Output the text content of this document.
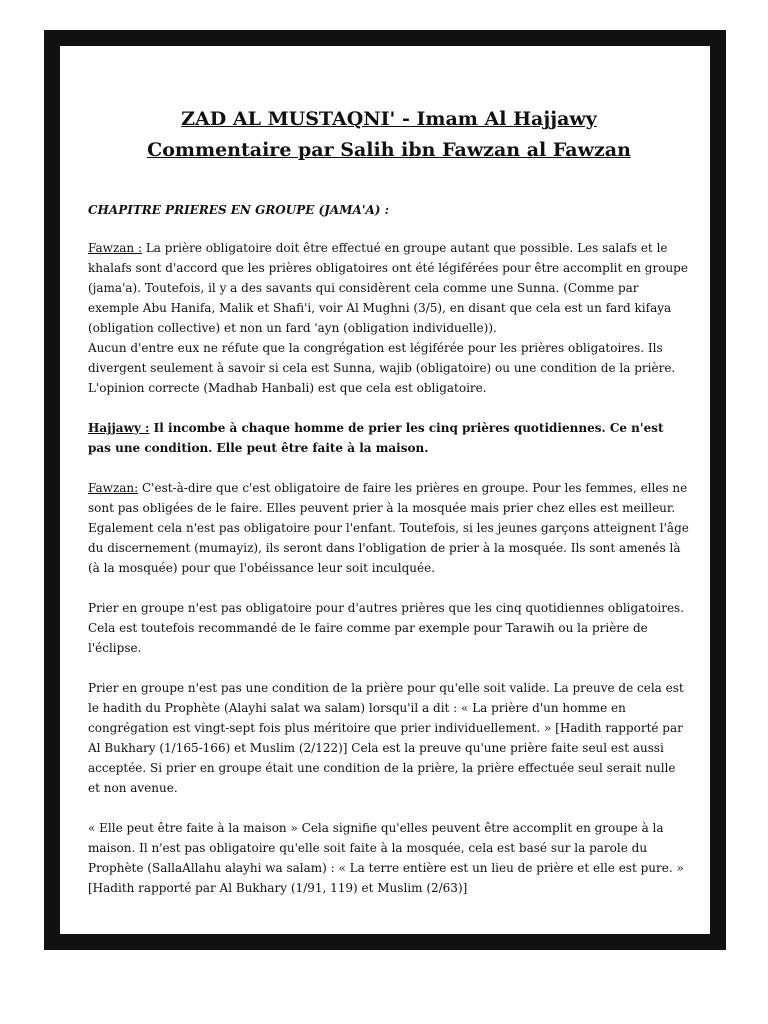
ZAD AL MUSTAQNI' - Imam Al Hajjawy
Commentaire par Salih ibn Fawzan al Fawzan

CHAPITRE PRIERES EN GROUPE (JAMA'A) :

Fawzan : La prière obligatoire doit être effectué en groupe autant que possible. Les salafs et le khalafs sont d'accord que les prières obligatoires ont été légiférées pour être accomplit en groupe (jama'a). Toutefois, il y a des savants qui considèrent cela comme une Sunna. (Comme par exemple Abu Hanifa, Malik et Shafi'i, voir Al Mughni (3/5), en disant que cela est un fard kifaya (obligation collective) et non un fard 'ayn (obligation individuelle)).
Aucun d'entre eux ne réfute que la congrégation est légiférée pour les prières obligatoires. Ils divergent seulement à savoir si cela est Sunna, wajib (obligatoire) ou une condition de la prière. L'opinion correcte (Madhab Hanbali) est que cela est obligatoire.

Hajjawy : Il incombe à chaque homme de prier les cinq prières quotidiennes. Ce n'est pas une condition. Elle peut être faite à la maison.

Fawzan: C'est-à-dire que c'est obligatoire de faire les prières en groupe. Pour les femmes, elles ne sont pas obligées de le faire. Elles peuvent prier à la mosquée mais prier chez elles est meilleur. Egalement cela n'est pas obligatoire pour l'enfant. Toutefois, si les jeunes garçons atteignent l'âge du discernement (mumayiz), ils seront dans l'obligation de prier à la mosquée. Ils sont amenés là (à la mosquée) pour que l'obéissance leur soit inculquée.

Prier en groupe n'est pas obligatoire pour d'autres prières que les cinq quotidiennes obligatoires. Cela est toutefois recommandé de le faire comme par exemple pour Tarawih ou la prière de l'éclipse.

Prier en groupe n'est pas une condition de la prière pour qu'elle soit valide. La preuve de cela est le hadith du Prophète (Alayhi salat wa salam) lorsqu'il a dit : « La prière d'un homme en congrégation est vingt-sept fois plus méritoire que prier individuellement. » [Hadith rapporté par Al Bukhary (1/165-166) et Muslim (2/122)] Cela est la preuve qu'une prière faite seul est aussi acceptée. Si prier en groupe était une condition de la prière, la prière effectuée seul serait nulle et non avenue.

« Elle peut être faite à la maison » Cela signifie qu'elles peuvent être accomplit en groupe à la maison. Il n'est pas obligatoire qu'elle soit faite à la mosquée, cela est basé sur la parole du Prophète (SallaAllahu alayhi wa salam) : « La terre entière est un lieu de prière et elle est pure. » [Hadith rapporté par Al Bukhary (1/91, 119) et Muslim (2/63)]
